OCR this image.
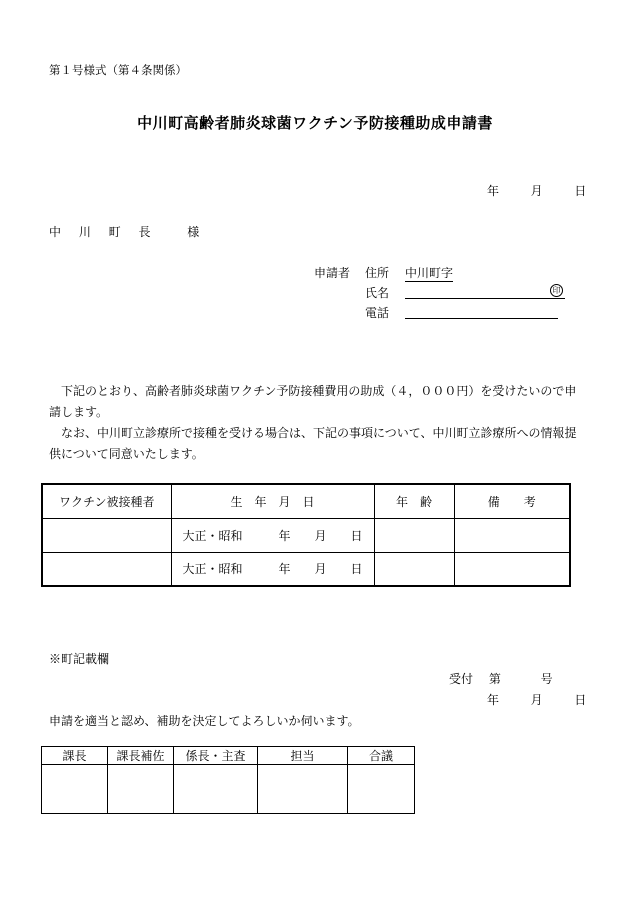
第１号様式（第４条関係）
中川町高齢者肺炎球菌ワクチン予防接種助成申請書
年	月	日
中 川 町 長　 様
申請者 住所 中川町字
氏名	印
電話

下記のとおり、高齢者肺炎球菌ワクチン予防接種費用の助成（４，０００円）を受けたいので申請します。

なお、中川町立診療所で接種を受ける場合は、下記の事項について、中川町立診療所への情報提供について同意いたします。

ワクチン被接種者	生　年　月　日	年　齢	備　　考
	大正・昭和　　　年　　月　　日		
	大正・昭和　　　年　　月　　日		
※町記載欄
受付　 第　　　 号
年	月	日
申請を適当と認め、補助を決定してよろしいか伺います。
課長	課長補佐	係長・主査	担当	合議
